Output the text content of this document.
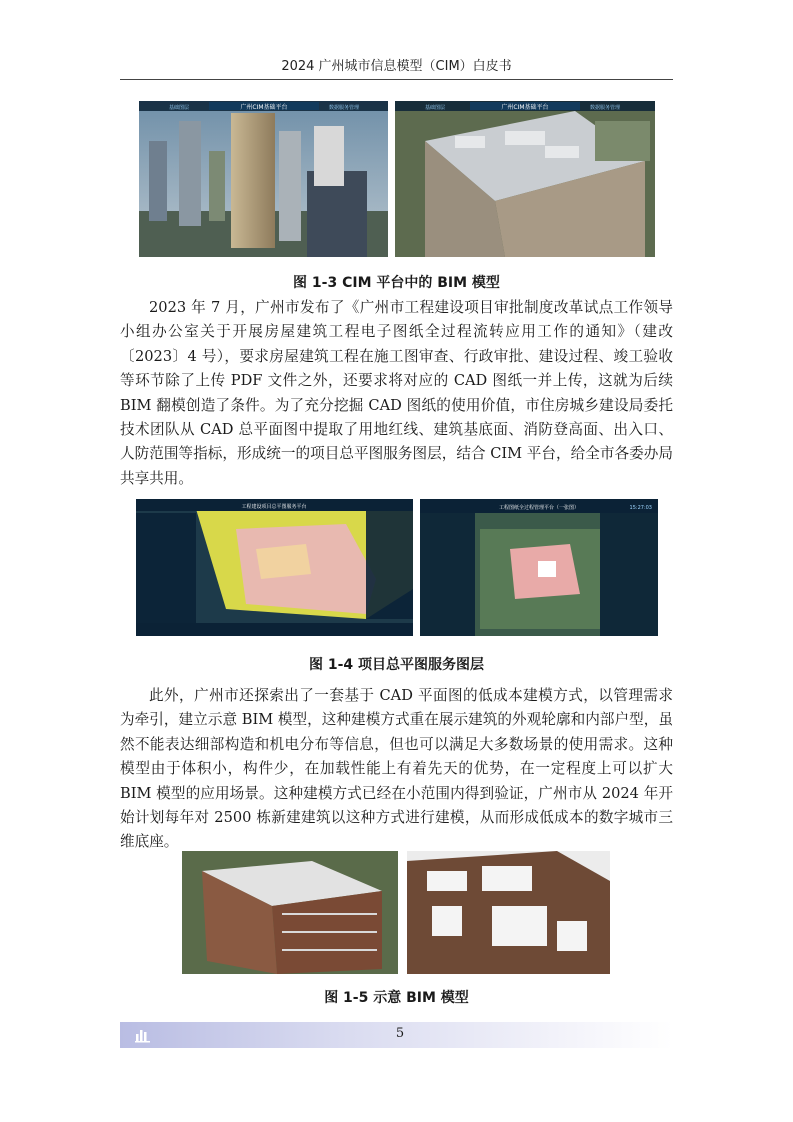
2024 广州城市信息模型（CIM）白皮书
广州CIM基础平台
基础图层	数据服务管理	广州CIM基础平台
基础图层	数据服务管理
图 1-3 CIM 平台中的 BIM 模型

2023 年 7 月，广州市发布了《广州市工程建设项目审批制度改革试点工作领导小组办公室关于开展房屋建筑工程电子图纸全过程流转应用工作的通知》（建改〔2023〕4 号），要求房屋建筑工程在施工图审查、行政审批、建设过程、竣工验收等环节除了上传 PDF 文件之外，还要求将对应的 CAD 图纸一并上传，这就为后续 BIM 翻模创造了条件。为了充分挖掘 CAD 图纸的使用价值，市住房城乡建设局委托技术团队从 CAD 总平面图中提取了用地红线、建筑基底面、消防登高面、出入口、人防范围等指标，形成统一的项目总平图服务图层，结合 CIM 平台，给全市各委办局共享共用。

工程建设项目总平图服务平台	工程图纸全过程管理平台（一张图）	15:27:03
图 1-4 项目总平图服务图层

此外，广州市还探索出了一套基于 CAD 平面图的低成本建模方式，以管理需求为牵引，建立示意 BIM 模型，这种建模方式重在展示建筑的外观轮廓和内部户型，虽然不能表达细部构造和机电分布等信息，但也可以满足大多数场景的使用需求。这种模型由于体积小，构件少，在加载性能上有着先天的优势，在一定程度上可以扩大 BIM 模型的应用场景。这种建模方式已经在小范围内得到验证，广州市从 2024 年开始计划每年对 2500 栋新建建筑以这种方式进行建模，从而形成低成本的数字城市三维底座。

图 1-5 示意 BIM 模型
5
